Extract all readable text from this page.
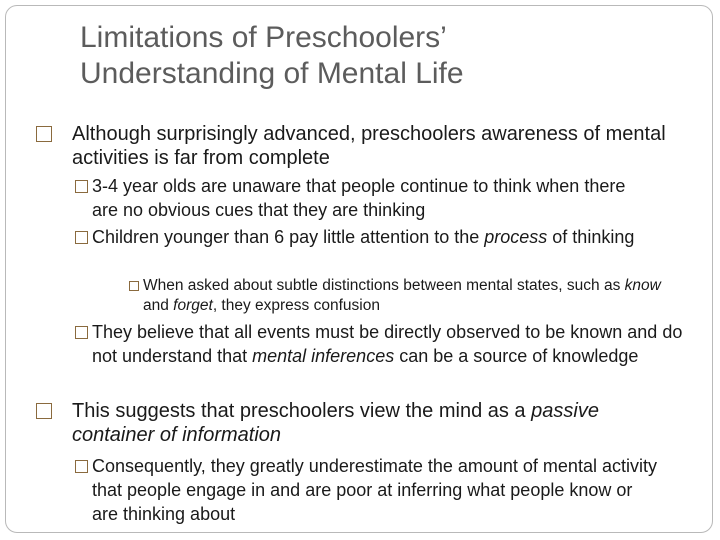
Limitations of Preschoolers’
Understanding of Mental Life

Although surprisingly advanced, preschoolers awareness of mental activities is far from complete

3-4 year olds are unaware that people continue to think when there are no obvious cues that they are thinking

Children younger than 6 pay little attention to the process of thinking

When asked about subtle distinctions between mental states, such as know and forget, they express confusion

They believe that all events must be directly observed to be known and do not understand that mental inferences can be a source of knowledge

This suggests that preschoolers view the mind as a passive container of information

Consequently, they greatly underestimate the amount of mental activity that people engage in and are poor at inferring what people know or are thinking about
